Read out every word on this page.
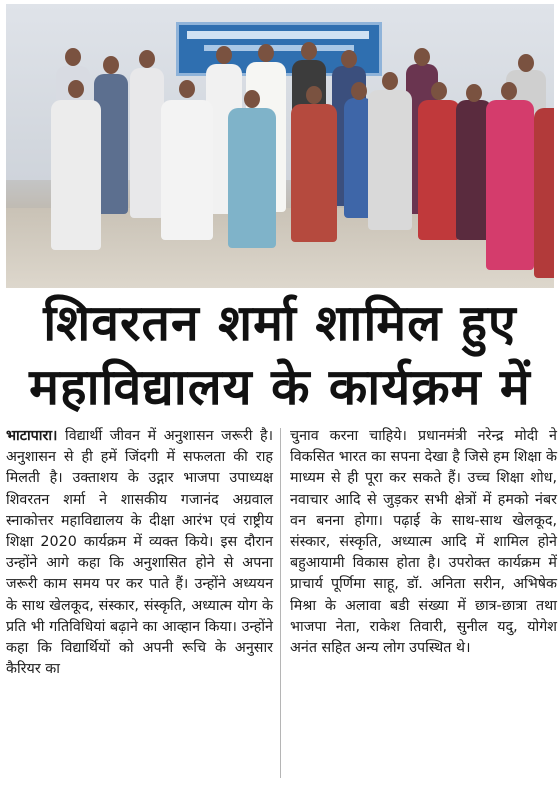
शिवरतन शर्मा शामिल हुए
महाविद्यालय के कार्यक्रम में
भाटापारा। विद्यार्थी जीवन में अनुशासन जरूरी है। अनुशासन से ही हमें जिंदगी में सफलता की राह मिलती है। उक्ताशय के उद्गार भाजपा उपाध्यक्ष शिवरतन शर्मा ने शासकीय गजानंद अग्रवाल स्नाकोत्तर महाविद्यालय के दीक्षा आरंभ एवं राष्ट्रीय शिक्षा 2020 कार्यक्रम में व्यक्त किये। इस दौरान उन्होंने आगे कहा कि अनुशासित होने से अपना जरूरी काम समय पर कर पाते हैं। उन्होंने अध्ययन के साथ खेलकूद, संस्कार, संस्कृति, अध्यात्म योग के प्रति भी गतिविधियां बढ़ाने का आव्हान किया। उन्होंने कहा कि विद्यार्थियों को अपनी रूचि के अनुसार कैरियर का
चुनाव करना चाहिये। प्रधानमंत्री नरेन्द्र मोदी ने विकसित भारत का सपना देखा है जिसे हम शिक्षा के माध्यम से ही पूरा कर सकते हैं। उच्च शिक्षा शोध, नवाचार आदि से जुड़कर सभी क्षेत्रों में हमको नंबर वन बनना होगा। पढ़ाई के साथ-साथ खेलकूद, संस्कार, संस्कृति, अध्यात्म आदि में शामिल होने बहुआयामी विकास होता है। उपरोक्त कार्यक्रम में प्राचार्य पूर्णिमा साहू, डॉ. अनिता सरीन, अभिषेक मिश्रा के अलावा बडी संख्या में छात्र-छात्रा तथा भाजपा नेता, राकेश तिवारी, सुनील यदु, योगेश अनंत सहित अन्य लोग उपस्थित थे।
